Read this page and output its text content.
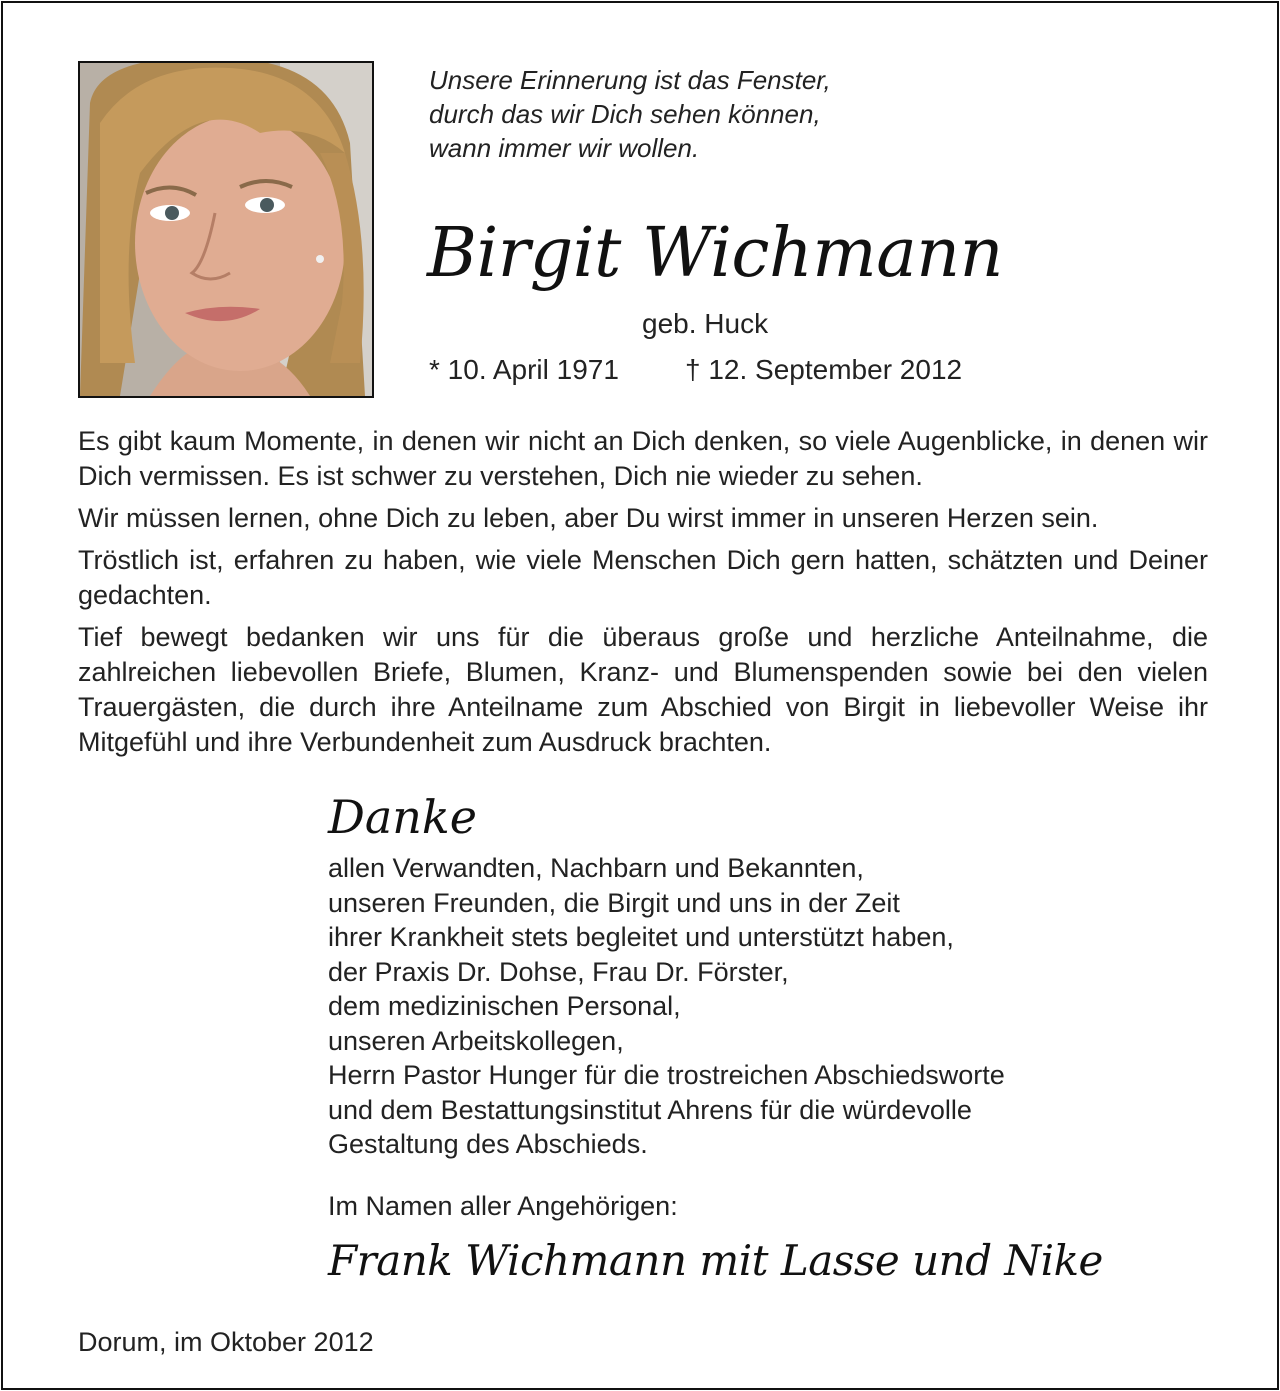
Unsere Erinnerung ist das Fenster,
durch das wir Dich sehen können,
wann immer wir wollen.
Birgit Wichmann
geb. Huck
* 10. April 1971 † 12. September 2012

Es gibt kaum Momente, in denen wir nicht an Dich denken, so viele Augenblicke, in denen wir Dich vermissen. Es ist schwer zu verstehen, Dich nie wieder zu sehen.

Wir müssen lernen, ohne Dich zu leben, aber Du wirst immer in unseren Herzen sein.

Tröstlich ist, erfahren zu haben, wie viele Menschen Dich gern hatten, schätzten und Deiner gedachten.

Tief bewegt bedanken wir uns für die überaus große und herzliche Anteilnahme, die zahlreichen liebevollen Briefe, Blumen, Kranz- und Blumenspenden sowie bei den vielen Trauergästen, die durch ihre Anteilname zum Abschied von Birgit in liebevoller Weise ihr Mitgefühl und ihre Verbundenheit zum Ausdruck brachten.

Danke
allen Verwandten, Nachbarn und Bekannten,
unseren Freunden, die Birgit und uns in der Zeit
ihrer Krankheit stets begleitet und unterstützt haben,
der Praxis Dr. Dohse, Frau Dr. Förster,
dem medizinischen Personal,
unseren Arbeitskollegen,
Herrn Pastor Hunger für die trostreichen Abschiedsworte
und dem Bestattungsinstitut Ahrens für die würdevolle
Gestaltung des Abschieds.
Im Namen aller Angehörigen:
Frank Wichmann mit Lasse und Nike
Dorum, im Oktober 2012
